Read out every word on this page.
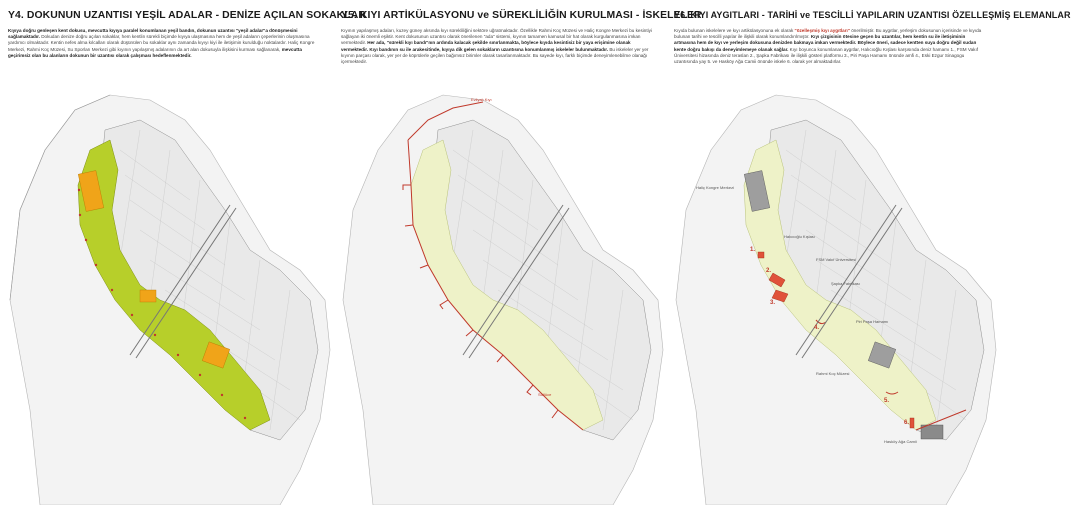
Y4. DOKUNUN UZANTISI YEŞİL ADALAR - DENİZE AÇILAN SOKAKLAR
Kıyıya doğru genleşen kent dokusu, mevcutta kıyıya paralel konumlanan yeşil bandın, dokunun uzantısı "yeşil adalar"a dönüşmesini sağlamaktadır. Dokudan denize doğru açılan sokaklar, hem kentlin sürekli biçimde kıyıya ulaşmasına hem de yeşil adaların çeperlerinin oluşmasına yardımcı olmaktadır. Kentin nefes alma kılcalları olarak düşünülen bu sokaklar aynı zamanda kıyıyı kiyi ile iletişimin kurulduğu noktalardır. Haliç Kongre Merkezi, Rahmi Koç Müzesi, Su Sporları Merkezi gibi kıyının yapılaşmış adalarının da art alan dokusuyla ilişkisini kurması sağlanarak, mevcutta geçirimsiz olan bu alanların dokunun bir uzantısı olarak çalışması hedeflenmektedir.
Evliyalı Kıyı
Sütlüce
Y5. KIYI ARTİKÜLASYONU ve SÜREKLİLİĞİN KURULMASI - İSKELELER
Kıyının yapılaşmış adaları, kuzey güney aksında kıyı sürekliliğini sektöre uğratmaktadır. Özellikle Rahmi Koç Müzesi ve Haliç Kongre Merkezi bu kesintiyi sağlayan iki önemli eşiktir. Kent dokusunun uzantısı olarak önerilenen "ada" sistemi, kıyının tamamen kamusal bir hat olarak kurgulanmasına imkan vermektedir. Her ada, "sürekli kıyı bandı"nın ardında kalacak şekilde sınırlanmakta, böylece kıyıda kesintisiz bir yaya erişimine olanak vermektedir. Kıyı bandının su ile arakesitinde, kıyıya dik gelen sokakların uzantısına konumlanmış iskeleler bulunmaktadır. Bu iskeleler yer yer kıyının parçası olarak, yer yer de köprülerle geçilen bağımsız birimler olarak tasarlanmaktadır. Bu sayede kıyı, farklı biçimde deneyimlenebilme olanağı içermektedir.
Haliç Kongre Merkezi
Halıcıoğlu Kışlası
FSM Vakıf Üniversitesi
Şapka Fabrikası
Piri Paşa Hamamı
Rahmi Koç Müzesi
Hasköy Ağa Camii
1.
2.
3.
4.
5.
6.
Y6. KIYI AYGITLARI - TARİHİ ve TESCİLLİ YAPILARIN UZANTISI ÖZELLEŞMİŞ ELEMANLAR
Kıyıda bulunan iskelelere ve kıyı artikülasyonuna ek olarak "özelleşmiş kıyı aygıtları" önerilmiştir. Bu aygıtlar, yerleşim dokusunun içerisinde ve kıyıda bulunan tarihi ve tescilli yapılar ile ilişkili olarak konumlandırılmıştır. Kıyı çizgisinin ötesine geçen bu uzantılar, hem kentin su ile iletişiminin artmasına hem de kıyı ve yerleşim dokusuna denizden bakmaya imkan vermektedir. Böylece öneri, sadece kentten suya doğru değil sudan kente doğru bakışı da deneyimlemeye olanak sağlar. Kıyı boyunca konumlanan aygıtlar, Halıcıoğlu Kışlası karşısında deniz hamamı 1., FSM Vakıf Üniversitesi hizasında deniz teraslan 2., Şapka Fabrikası ile ilişkili gösteri platformu 3., Piri Paşa Hamamı önünde amfi 4., Eski Ezgur Sinagogu uzantısında yay 5. ve Hasköy Ağa Camii önünde iskele 6. olarak yer almaktadırlar.
